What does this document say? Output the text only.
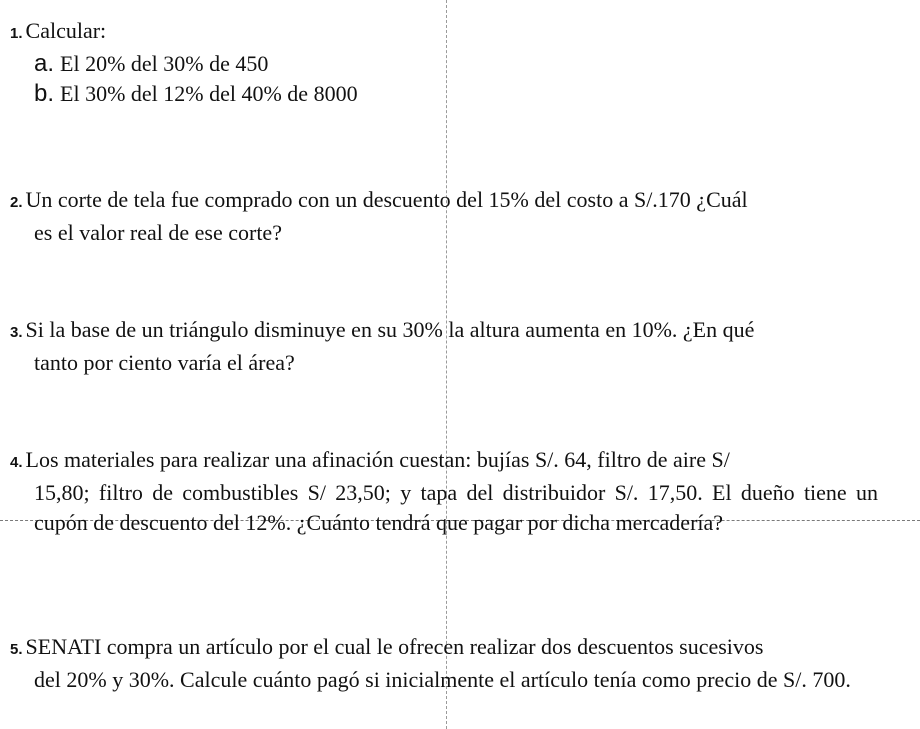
1. Calcular:
a. El 20% del 30% de 450
b. El 30% del 12% del 40% de 8000
2. Un corte de tela fue comprado con un descuento del 15% del costo a S/.170 ¿Cuál
es el valor real de ese corte?
3. Si la base de un triángulo disminuye en su 30% la altura aumenta en 10%. ¿En qué
tanto por ciento varía el área?
4. Los materiales para realizar una afinación cuestan: bujías S/. 64, filtro de aire S/
15,80; filtro de combustibles S/ 23,50; y tapa del distribuidor S/. 17,50. El dueño tiene un cupón de descuento del 12%. ¿Cuánto tendrá que pagar por dicha mercadería?
5. SENATI compra un artículo por el cual le ofrecen realizar dos descuentos sucesivos
del 20% y 30%. Calcule cuánto pagó si inicialmente el artículo tenía como precio de S/. 700.
